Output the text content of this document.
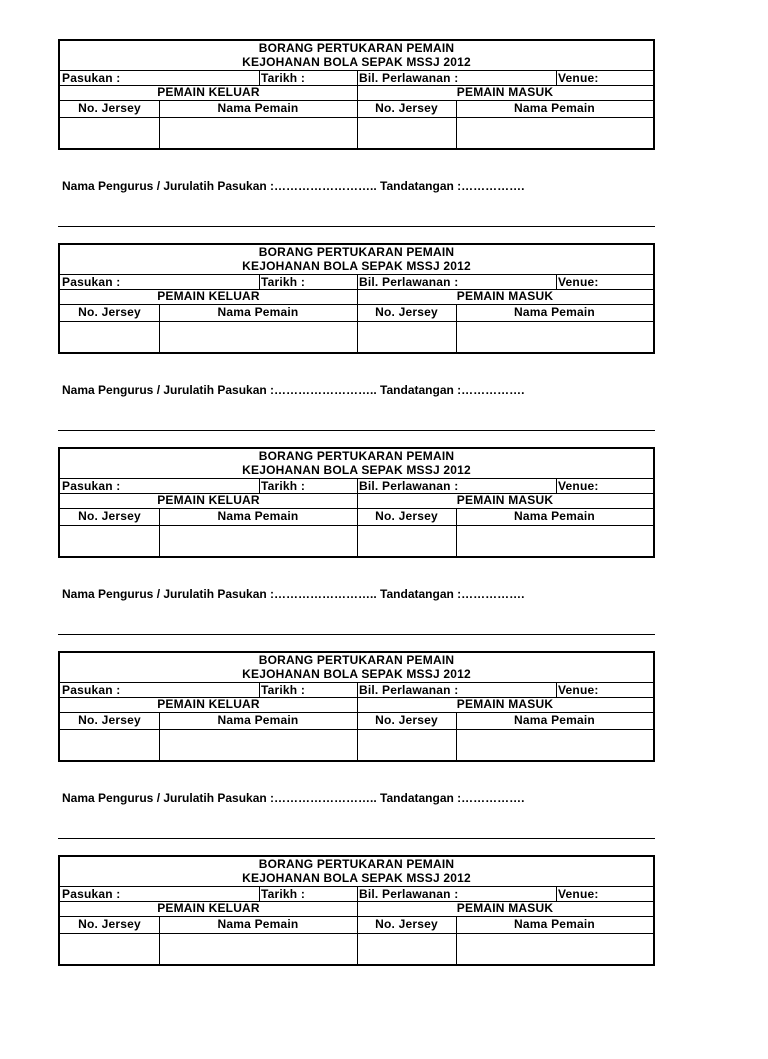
BORANG PERTUKARAN PEMAIN
KEJOHANAN BOLA SEPAK MSSJ 2012
Pasukan :	Tarikh :	Bil. Perlawanan :	Venue:
PEMAIN KELUAR	PEMAIN MASUK
No. Jersey	Nama Pemain	No. Jersey	Nama Pemain
Nama Pengurus / Jurulatih Pasukan :…………………….. Tandatangan :…………….
BORANG PERTUKARAN PEMAIN
KEJOHANAN BOLA SEPAK MSSJ 2012
Pasukan :	Tarikh :	Bil. Perlawanan :	Venue:
PEMAIN KELUAR	PEMAIN MASUK
No. Jersey	Nama Pemain	No. Jersey	Nama Pemain
Nama Pengurus / Jurulatih Pasukan :…………………….. Tandatangan :…………….
BORANG PERTUKARAN PEMAIN
KEJOHANAN BOLA SEPAK MSSJ 2012
Pasukan :	Tarikh :	Bil. Perlawanan :	Venue:
PEMAIN KELUAR	PEMAIN MASUK
No. Jersey	Nama Pemain	No. Jersey	Nama Pemain
Nama Pengurus / Jurulatih Pasukan :…………………….. Tandatangan :…………….
BORANG PERTUKARAN PEMAIN
KEJOHANAN BOLA SEPAK MSSJ 2012
Pasukan :	Tarikh :	Bil. Perlawanan :	Venue:
PEMAIN KELUAR	PEMAIN MASUK
No. Jersey	Nama Pemain	No. Jersey	Nama Pemain
Nama Pengurus / Jurulatih Pasukan :…………………….. Tandatangan :…………….
BORANG PERTUKARAN PEMAIN
KEJOHANAN BOLA SEPAK MSSJ 2012
Pasukan :	Tarikh :	Bil. Perlawanan :	Venue:
PEMAIN KELUAR	PEMAIN MASUK
No. Jersey	Nama Pemain	No. Jersey	Nama Pemain
